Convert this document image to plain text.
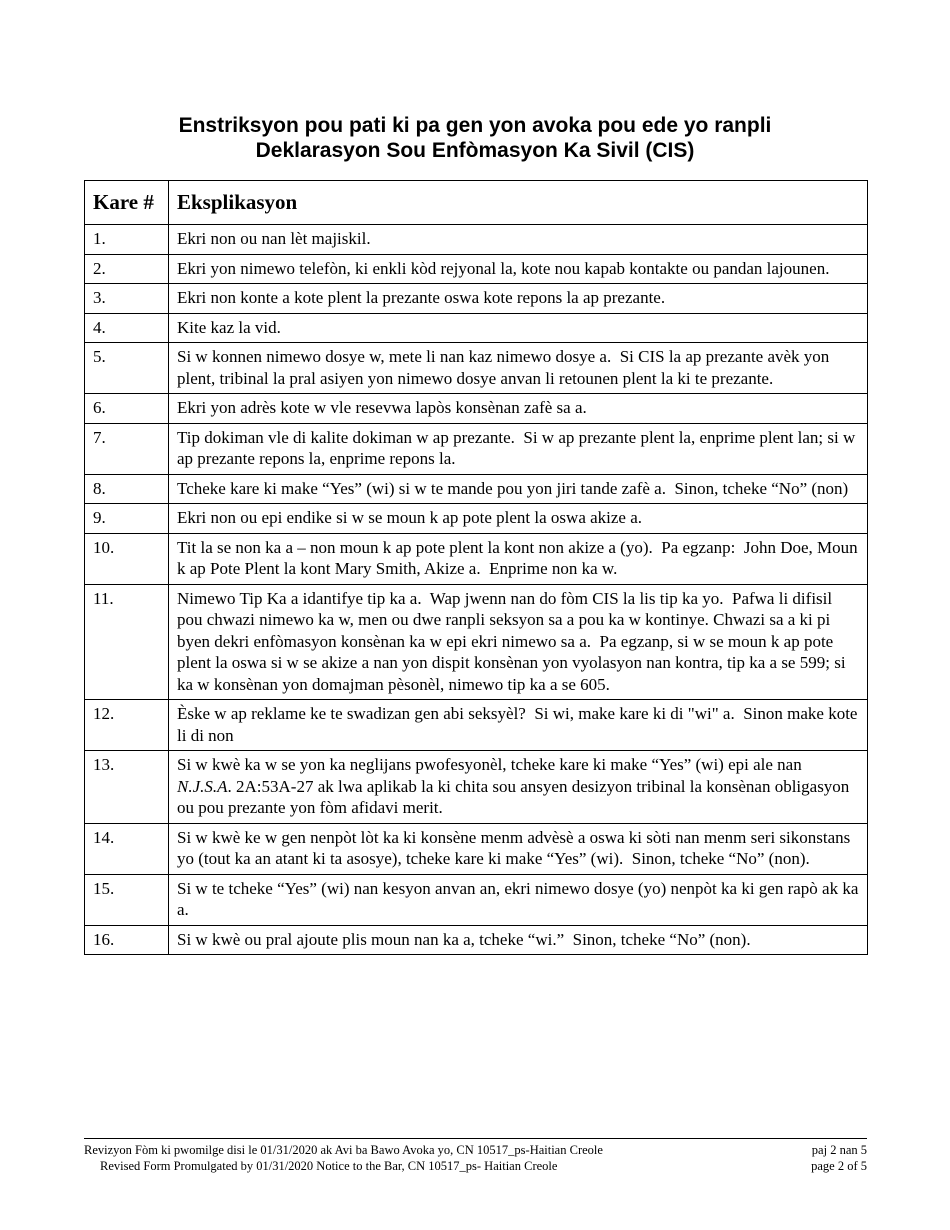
Enstriksyon pou pati ki pa gen yon avoka pou ede yo ranpli
Deklarasyon Sou Enfòmasyon Ka Sivil (CIS)
Kare #	Eksplikasyon
1.	Ekri non ou nan lèt majiskil.
2.	Ekri yon nimewo telefòn, ki enkli kòd rejyonal la, kote nou kapab kontakte ou pandan lajounen.
3.	Ekri non konte a kote plent la prezante oswa kote repons la ap prezante.
4.	Kite kaz la vid.
5.	Si w konnen nimewo dosye w, mete li nan kaz nimewo dosye a.  Si CIS la ap prezante avèk yon plent, tribinal la pral asiyen yon nimewo dosye anvan li retounen plent la ki te prezante.
6.	Ekri yon adrès kote w vle resevwa lapòs konsènan zafè sa a.
7.	Tip dokiman vle di kalite dokiman w ap prezante.  Si w ap prezante plent la, enprime plent lan; si w ap prezante repons la, enprime repons la.
8.	Tcheke kare ki make “Yes” (wi) si w te mande pou yon jiri tande zafè a.  Sinon, tcheke “No” (non)
9.	Ekri non ou epi endike si w se moun k ap pote plent la oswa akize a.
10.	Tit la se non ka a – non moun k ap pote plent la kont non akize a (yo).  Pa egzanp:  John Doe, Moun k ap Pote Plent la kont Mary Smith, Akize a.  Enprime non ka w.
11.	Nimewo Tip Ka a idantifye tip ka a.  Wap jwenn nan do fòm CIS la lis tip ka yo.  Pafwa li difisil pou chwazi nimewo ka w, men ou dwe ranpli seksyon sa a pou ka w kontinye. Chwazi sa a ki pi byen dekri enfòmasyon konsènan ka w epi ekri nimewo sa a.  Pa egzanp, si w se moun k ap pote plent la oswa si w se akize a nan yon dispit konsènan yon vyolasyon nan kontra, tip ka a se 599; si ka w konsènan yon domajman pèsonèl, nimewo tip ka a se 605.
12.	Èske w ap reklame ke te swadizan gen abi seksyèl?  Si wi, make kare ki di "wi" a.  Sinon make kote li di non
13.	Si w kwè ka w se yon ka neglijans pwofesyonèl, tcheke kare ki make “Yes” (wi) epi ale nan N.J.S.A. 2A:53A-27 ak lwa aplikab la ki chita sou ansyen desizyon tribinal la konsènan obligasyon ou pou prezante yon fòm afidavi merit.
14.	Si w kwè ke w gen nenpòt lòt ka ki konsène menm advèsè a oswa ki sòti nan menm seri sikonstans yo (tout ka an atant ki ta asosye), tcheke kare ki make “Yes” (wi).  Sinon, tcheke “No” (non).
15.	Si w te tcheke “Yes” (wi) nan kesyon anvan an, ekri nimewo dosye (yo) nenpòt ka ki gen rapò ak ka a.
16.	Si w kwè ou pral ajoute plis moun nan ka a, tcheke “wi.”  Sinon, tcheke “No” (non).
Revizyon Fòm ki pwomilge disi le 01/31/2020 ak Avi ba Bawo Avoka yo, CN 10517_ps-Haitian Creole	paj 2 nan 5
Revised Form Promulgated by 01/31/2020 Notice to the Bar, CN 10517_ps- Haitian Creole	page 2 of 5
